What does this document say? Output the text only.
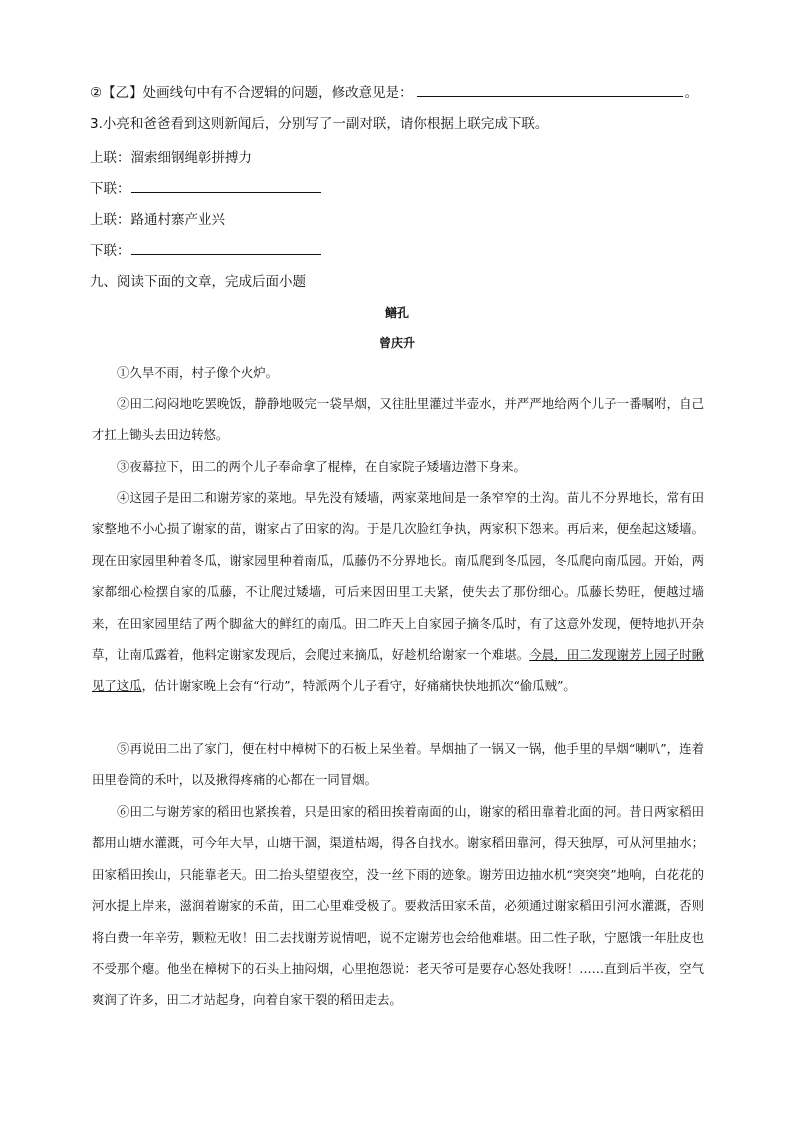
②【乙】处画线句中有不合逻辑的问题，修改意见是：	。
3.小亮和爸爸看到这则新闻后，分别写了一副对联，请你根据上联完成下联。
上联：溜索细钢绳彰拼搏力
下联：
上联：路通村寨产业兴
下联：
九、阅读下面的文章，完成后面小题
鳝孔
曾庆升

①久旱不雨，村子像个火炉。

②田二闷闷地吃罢晚饭，静静地吸完一袋旱烟，又往肚里灌过半壶水，并严严地给两个儿子一番嘱咐，自己才扛上锄头去田边转悠。

③夜幕拉下，田二的两个儿子奉命拿了棍棒，在自家院子矮墙边潜下身来。

④这园子是田二和谢芳家的菜地。早先没有矮墙，两家菜地间是一条窄窄的土沟。苗儿不分界地长，常有田家整地不小心损了谢家的苗，谢家占了田家的沟。于是几次脸红争执，两家积下怨来。再后来，便垒起这矮墙。现在田家园里种着冬瓜，谢家园里种着南瓜，瓜藤仍不分界地长。南瓜爬到冬瓜园，冬瓜爬向南瓜园。开始，两家都细心检摆自家的瓜藤，不让爬过矮墙，可后来因田里工夫紧，使失去了那份细心。瓜藤长势旺，便越过墙来，在田家园里结了两个脚盆大的鲜红的南瓜。田二昨天上自家园子摘冬瓜时，有了这意外发现，便特地扒开杂草，让南瓜露着，他料定谢家发现后，会爬过来摘瓜，好趁机给谢家一个难堪。今晨，田二发现谢芳上园子时瞅见了这瓜，估计谢家晚上会有“行动”，特派两个儿子看守，好痛痛快快地抓次“偷瓜贼”。

⑤再说田二出了家门，便在村中樟树下的石板上呆坐着。旱烟抽了一锅又一锅，他手里的旱烟“喇叭”，连着田里卷筒的禾叶，以及揪得疼痛的心都在一同冒烟。

⑥田二与谢芳家的稻田也紧挨着，只是田家的稻田挨着南面的山，谢家的稻田靠着北面的河。昔日两家稻田都用山塘水灌溉，可今年大旱，山塘干涸，渠道枯竭，得各自找水。谢家稻田靠河，得天独厚，可从河里抽水；田家稻田挨山，只能靠老天。田二抬头望望夜空，没一丝下雨的迹象。谢芳田边抽水机“突突突”地响，白花花的河水提上岸来，滋润着谢家的禾苗，田二心里难受极了。要救活田家禾苗，必须通过谢家稻田引河水灌溉，否则将白费一年辛劳，颗粒无收！田二去找谢芳说情吧，说不定谢芳也会给他难堪。田二性子耿，宁愿饿一年肚皮也不受那个瘪。他坐在樟树下的石头上抽闷烟，心里抱怨说：老天爷可是要存心怒处我呀！……直到后半夜，空气爽润了许多，田二才站起身，向着自家干裂的稻田走去。
